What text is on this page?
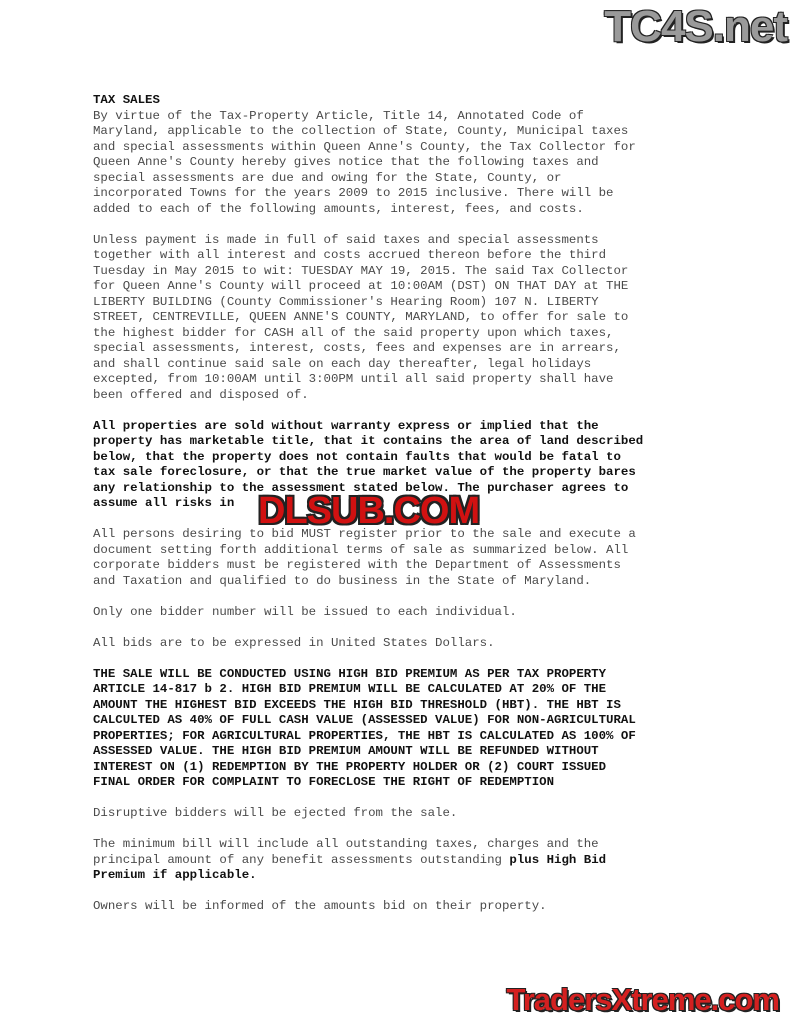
TC4S.net

TAX SALES

By virtue of the Tax-Property Article, Title 14, Annotated Code of
Maryland, applicable to the collection of State, County, Municipal taxes
and special assessments within Queen Anne's County, the Tax Collector for
Queen Anne's County hereby gives notice that the following taxes and
special assessments are due and owing for the State, County, or
incorporated Towns for the years 2009 to 2015 inclusive. There will be
added to each of the following amounts, interest, fees, and costs.

Unless payment is made in full of said taxes and special assessments
together with all interest and costs accrued thereon before the third
Tuesday in May 2015 to wit: TUESDAY MAY 19, 2015. The said Tax Collector
for Queen Anne's County will proceed at 10:00AM (DST) ON THAT DAY at THE
LIBERTY BUILDING (County Commissioner's Hearing Room) 107 N. LIBERTY
STREET, CENTREVILLE, QUEEN ANNE'S COUNTY, MARYLAND, to offer for sale to
the highest bidder for CASH all of the said property upon which taxes,
special assessments, interest, costs, fees and expenses are in arrears,
and shall continue said sale on each day thereafter, legal holidays
excepted, from 10:00AM until 3:00PM until all said property shall have
been offered and disposed of.

All properties are sold without warranty express or implied that the
property has marketable title, that it contains the area of land described
below, that the property does not contain faults that would be fatal to
tax sale foreclosure, or that the true market value of the property bares
any relationship to the assessment stated below. The purchaser agrees to
assume all risks in

All persons desiring to bid MUST register prior to the sale and execute a
document setting forth additional terms of sale as summarized below. All
corporate bidders must be registered with the Department of Assessments
and Taxation and qualified to do business in the State of Maryland.

Only one bidder number will be issued to each individual.

All bids are to be expressed in United States Dollars.

THE SALE WILL BE CONDUCTED USING HIGH BID PREMIUM AS PER TAX PROPERTY
ARTICLE 14-817 b 2. HIGH BID PREMIUM WILL BE CALCULATED AT 20% OF THE
AMOUNT THE HIGHEST BID EXCEEDS THE HIGH BID THRESHOLD (HBT). THE HBT IS
CALCULTED AS 40% OF FULL CASH VALUE (ASSESSED VALUE) FOR NON-AGRICULTURAL
PROPERTIES; FOR AGRICULTURAL PROPERTIES, THE HBT IS CALCULATED AS 100% OF
ASSESSED VALUE. THE HIGH BID PREMIUM AMOUNT WILL BE REFUNDED WITHOUT
INTEREST ON (1) REDEMPTION BY THE PROPERTY HOLDER OR (2) COURT ISSUED
FINAL ORDER FOR COMPLAINT TO FORECLOSE THE RIGHT OF REDEMPTION

Disruptive bidders will be ejected from the sale.

The minimum bill will include all outstanding taxes, charges and the
principal amount of any benefit assessments outstanding plus High Bid
Premium if applicable.

Owners will be informed of the amounts bid on their property.

DLSUB.COM
TradersXtreme.com
